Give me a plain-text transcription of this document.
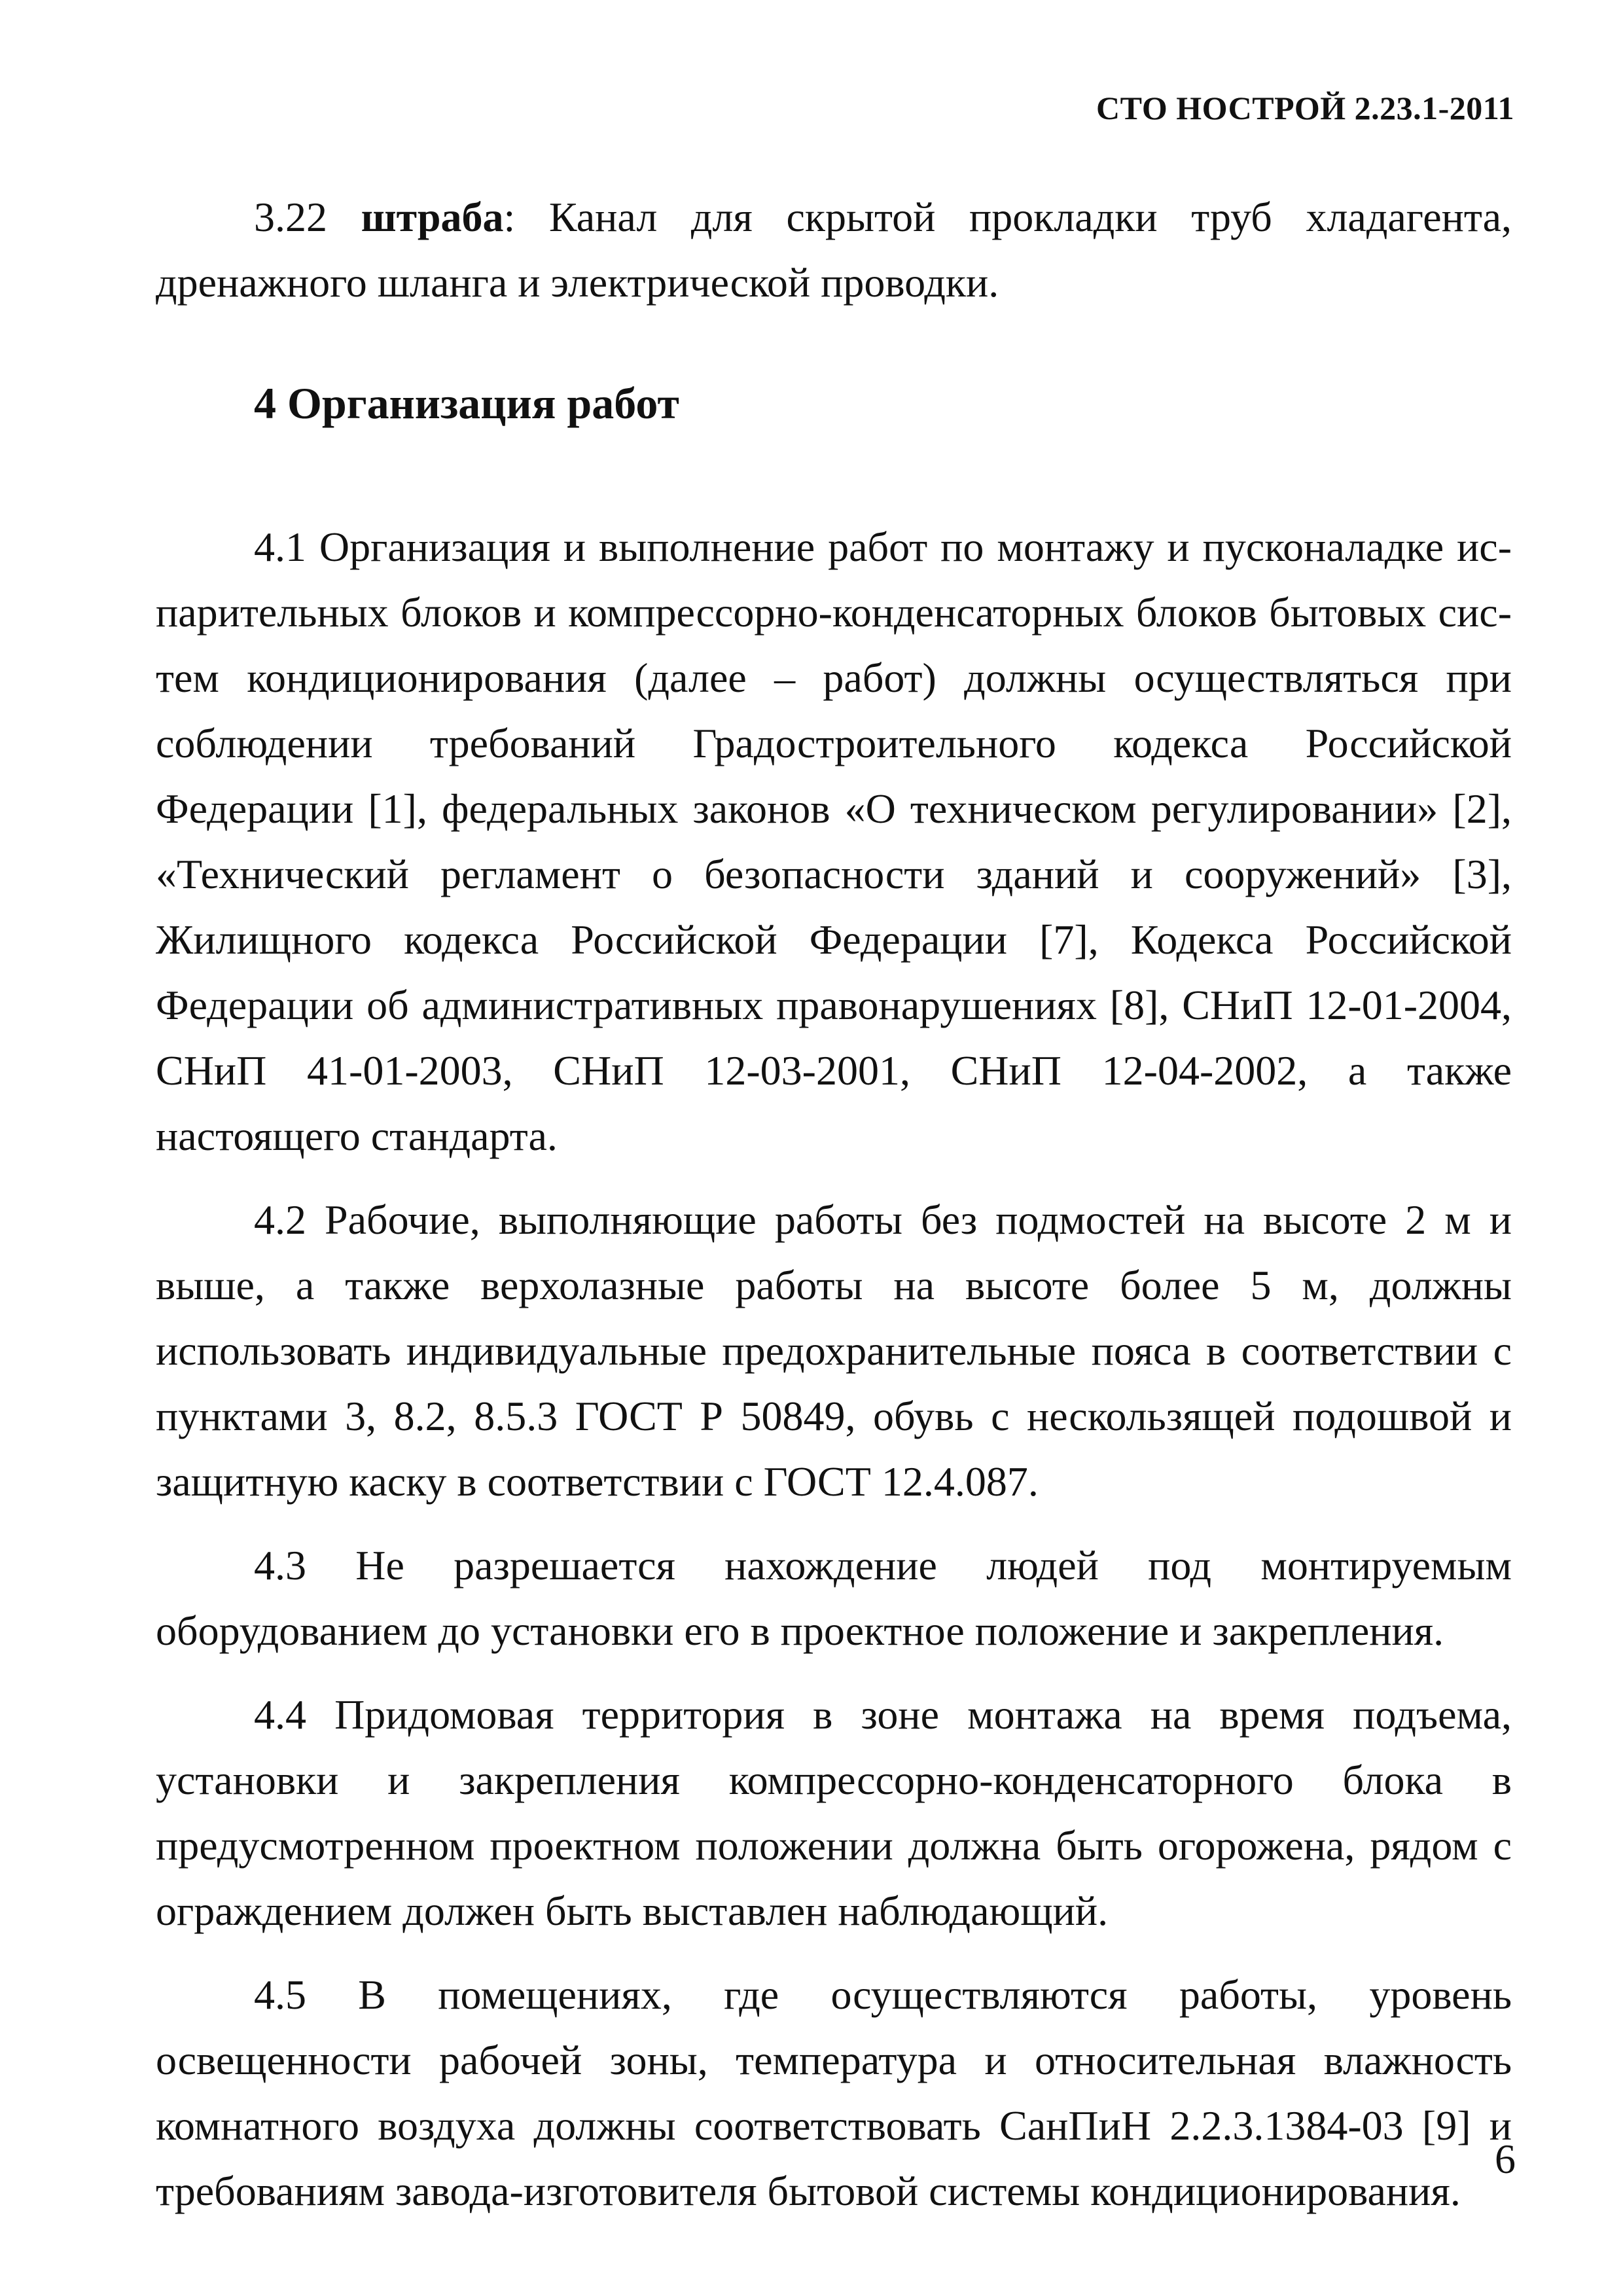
СТО НОСТРОЙ 2.23.1-2011

3.22 штраба: Канал для скрытой прокладки труб хладагента, дренажного шланга и электрической проводки.

4 Организация работ

4.1 Организация и выполнение работ по монтажу и пусконаладке испарительных блоков и компрессорно-конденсаторных блоков бытовых систем кондиционирования (далее – работ) должны осуществляться при соблюдении требований Градостроительного кодекса Российской Федерации [1], федеральных законов «О техническом регулировании» [2], «Технический регламент о безопасности зданий и сооружений» [3], Жилищного кодекса Российской Федерации [7], Кодекса Российской Федерации об административных правонарушениях [8], СНиП 12-01-2004, СНиП 41-01-2003, СНиП 12-03-2001, СНиП 12-04-2002, а также настоящего стандарта.

4.2 Рабочие, выполняющие работы без подмостей на высоте 2 м и выше, а также верхолазные работы на высоте более 5 м, должны использовать индивидуальные предохранительные пояса в соответствии с пунктами 3, 8.2, 8.5.3 ГОСТ Р 50849, обувь с нескользящей подошвой и защитную каску в соответствии с ГОСТ 12.4.087.

4.3 Не разрешается нахождение людей под монтируемым оборудованием до установки его в проектное положение и закрепления.

4.4 Придомовая территория в зоне монтажа на время подъема, установки и закрепления компрессорно-конденсаторного блока в предусмотренном проектном положении должна быть огорожена, рядом с ограждением должен быть выставлен наблюдающий.

4.5 В помещениях, где осуществляются работы, уровень освещенности рабочей зоны, температура и относительная влажность комнатного воздуха должны соответствовать СанПиН 2.2.3.1384-03 [9] и требованиям завода-изготовителя бытовой системы кондиционирования.

6
